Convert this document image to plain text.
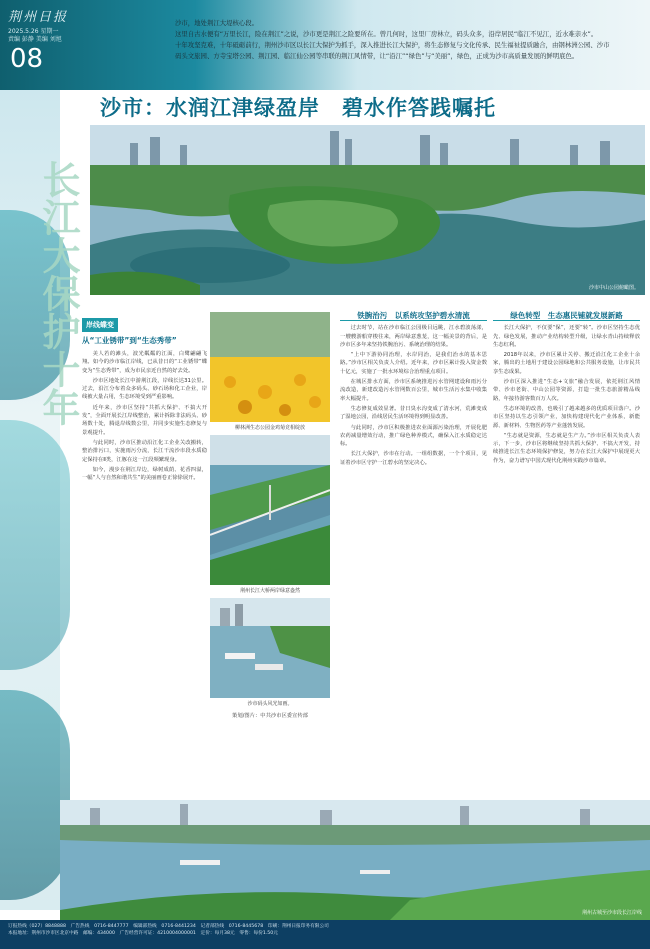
荆州日报
2025.5.26 星期一
责编 彭静 美编 刘旭
08
沙市，地处荆江大堤核心段。
这里自古水便有“万里长江，险在荆江”之说，沙市更是荆江之险要所在。曾几何时，这里厂房林立，码头众多，沿岸居民“临江不见江，近水难亲水”。
十年攻坚克难，十年砥砺前行，荆州沙市区以长江大保护为抓手，深入推进长江大保护，将生态修复与文化传承、民生福祉提质融合，由钢林洲公园、沙市码头文旅园、方寺宝塔公园、荆江园、临江仙公园等串联的荆江风情带，让“沿江”“绿色”与“美丽”，绿色，正成为沙市高质量发展的鲜明底色。
长江大保护十年
沙市：水润江津绿盈岸　碧水作答践嘱托
沙市中山公园俯瞰图。
岸线蝶变
从“工业锈带”到“生态秀带”

美人若的滩头，波光粼粼的江面，白鹭翩翩飞翔。如今的沙市临江岸线，已从昔日的“工业锈带”蝶变为“生态秀带”，成为市民亲近自然的好去处。

沙市区地处长江中游荆江段，岸线长达31公里。过去，沿江分布着众多码头、砂石场和化工企业，岸线被大量占用，生态环境受到严重影响。

近年来，沙市区坚持“共抓大保护、不搞大开发”，全面开展长江岸线整治，累计拆除非法码头、砂场数十处，腾退岸线数公里，并同步实施生态修复与景观提升。

与此同时，沙市区推动沿江化工企业关改搬转，整治排污口，实施雨污分流，长江干流沙市段水质稳定保持在Ⅱ类，江豚在这一江段频繁现身。

如今，漫步在荆江岸边，绿树成荫、花香四溢，一幅“人与自然和谐共生”的美丽画卷正徐徐展开。

柳林洲生态公园金鸡菊竞相绽放
荆州长江大桥两岸绿意盎然
沙市码头风光如画。
策划/图片：中共沙市区委宣传部
铁腕治污　以系统攻坚护碧水清流

过去时节，站在沙市临江公园极目远眺，江水碧波荡漾，一艘艘游船穿梭往来，两岸绿意葱茏，这一幅美景的背后，是沙市区多年来坚持铁腕治污、系统治理的结果。

“上中下游协同治理，水岸同治，是我们治水的基本思路。”沙市区相关负责人介绍。近年来，沙市区累计投入资金数十亿元，实施了一批水环境综合治理重点项目。

在城区排水方面，沙市区系统推进污水管网建设和雨污分流改造，新建改造污水管网数百公里，城市生活污水集中收集率大幅提升。

生态修复成效显著。昔日臭水沟变成了清水河，荒滩变成了湿地公园，沿线居民生活环境得到明显改善。

与此同时，沙市区积极推进农业面源污染治理，开展化肥农药减量增效行动，推广绿色种养模式，确保入江水质稳定达标。

长江大保护，沙市在行动。一组组数据，一个个项目，见证着沙市区守护一江碧水的坚定决心。

绿色转型　生态惠民铺就发展新路

长江大保护，不仅要“保”，还要“转”。沙市区坚持生态优先、绿色发展，推动产业结构转型升级，让绿水青山持续释放生态红利。

2018年以来，沙市区累计关停、搬迁沿江化工企业十余家，腾出的土地用于建设公园绿地和公共服务设施，让市民共享生态成果。

沙市区深入推进“生态+文旅”融合发展，依托荆江风情带、沙市老街、中山公园等资源，打造一批生态旅游精品线路，年接待游客数百万人次。

生态环境的改善，也吸引了越来越多的优质项目落户。沙市区坚持以生态引领产业，加快构建现代化产业体系，新能源、新材料、生物医药等产业蓬勃发展。

“生态就是资源，生态就是生产力。”沙市区相关负责人表示，下一步，沙市区将继续坚持共抓大保护、不搞大开发，持续推进长江生态环境保护修复，努力在长江大保护中展现更大作为，奋力谱写中国式现代化荆州实践沙市篇章。

荆州古城至沙市段长江岸线
订报热线（027）8848888　广告热线　0716-8447777　编辑部热线　0716-8441234　记者部热线　0716-8445678　印刷：荆州日报印务有限公司
本报地址：荆州市沙市区北京中路　邮编：434000　广告经营许可证：4210004000001　定价：每月38元　零售：每份1.50元
